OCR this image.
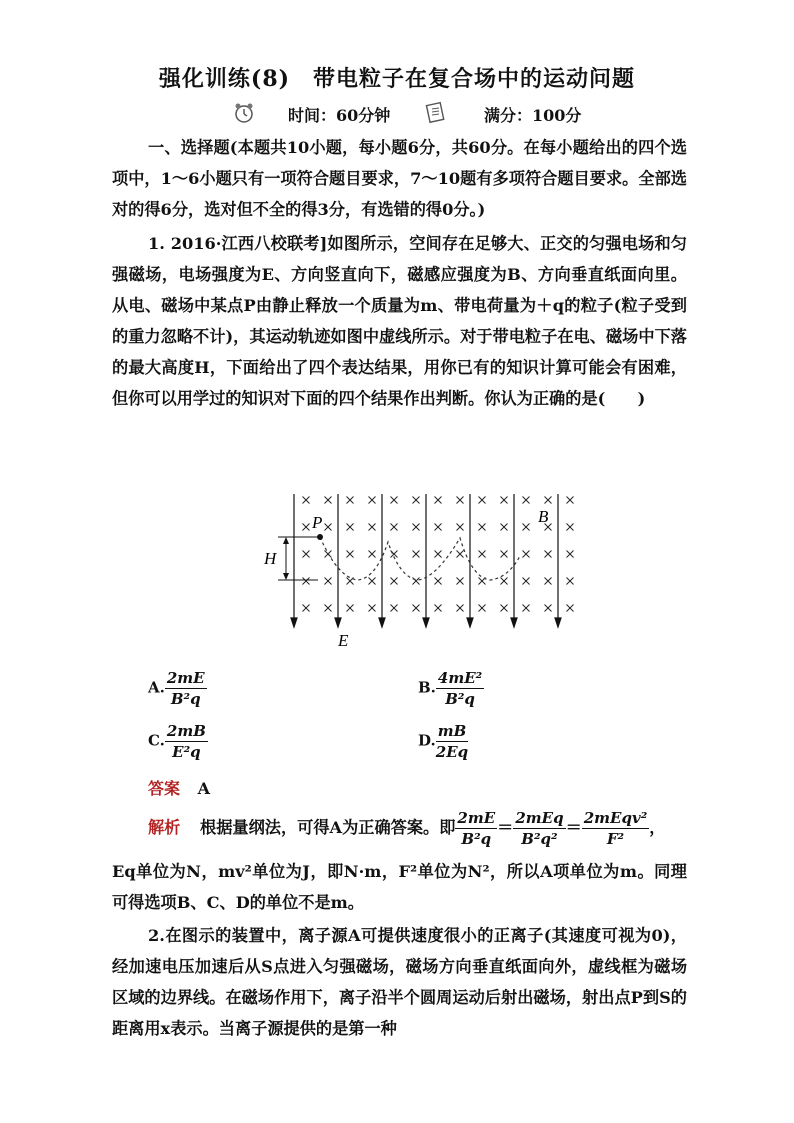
强化训练(8)　带电粒子在复合场中的运动问题
时间：60分钟	满分：100分
一、选择题(本题共10小题，每小题6分，共60分。在每小题给出的四个选项中，1～6小题只有一项符合题目要求，7～10题有多项符合题目要求。全部选对的得6分，选对但不全的得3分，有选错的得0分。)
1. 2016·江西八校联考]如图所示，空间存在足够大、正交的匀强电场和匀强磁场，电场强度为E、方向竖直向下，磁感应强度为B、方向垂直纸面向里。从电、磁场中某点P由静止释放一个质量为m、带电荷量为＋q的粒子(粒子受到的重力忽略不计)，其运动轨迹如图中虚线所示。对于带电粒子在电、磁场中下落的最大高度H，下面给出了四个表达结果，用你已有的知识计算可能会有困难，但你可以用学过的知识对下面的四个结果作出判断。你认为正确的是(　　)
P	B
H
E
A. $\frac{2mE}{\text{B²q}}$	B. $\frac{\text{4mE²}}{\text{B²q}}$
C. $\frac{2mB}{\text{E²q}}$	D. $\frac{mB}{2Eq}$
答案 A
解析 根据量纲法，可得A为正确答案。即 $\frac{2mE}{\text{B²q}} = \frac{\text{2mEq}}{\text{B²q²}} = \frac{\text{2mEqv²}}{\text{F²}}$ ，
Eq单位为N，mv²单位为J，即N·m，F²单位为N²，所以A项单位为m。同理可得选项B、C、D的单位不是m。
2.在图示的装置中，离子源A可提供速度很小的正离子(其速度可视为0)，经加速电压加速后从S点进入匀强磁场，磁场方向垂直纸面向外，虚线框为磁场区域的边界线。在磁场作用下，离子沿半个圆周运动后射出磁场，射出点P到S的距离用x表示。当离子源提供的是第一种
